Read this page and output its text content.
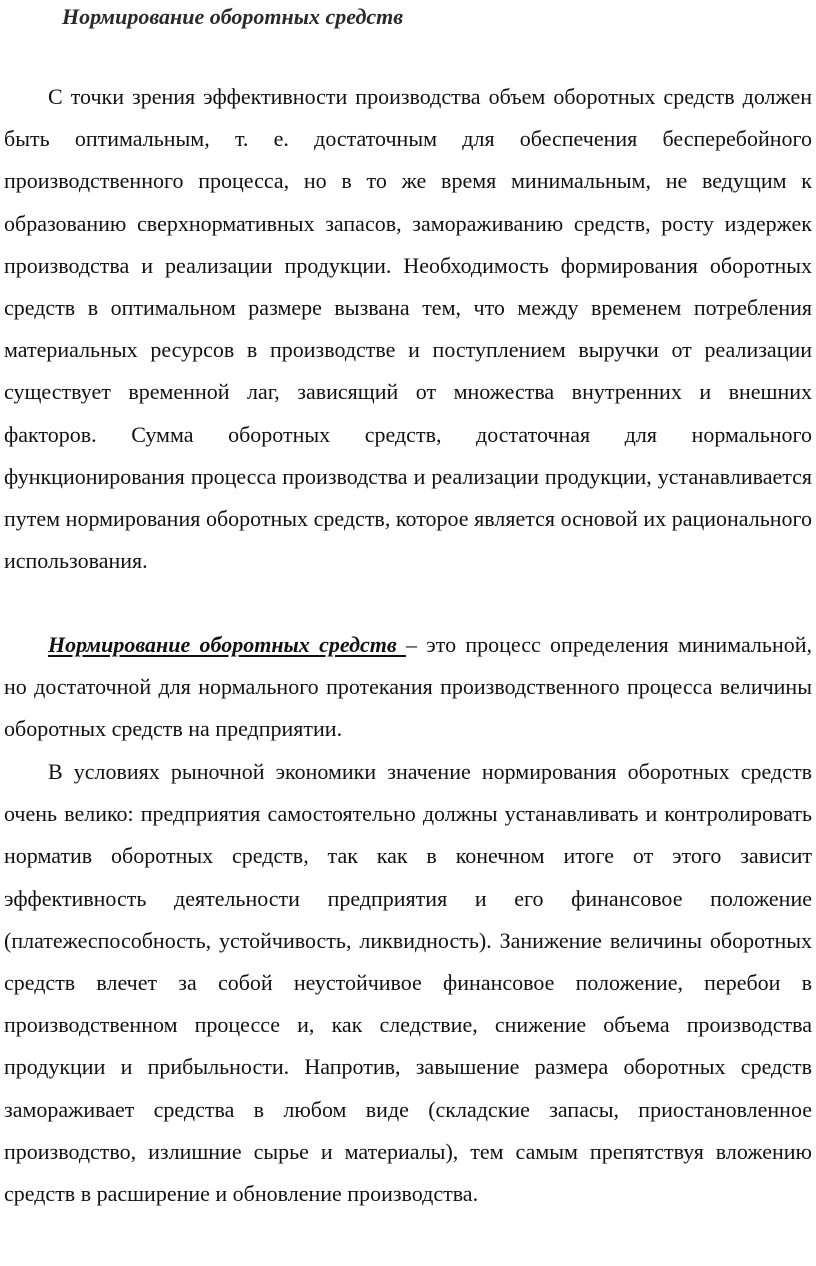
Нормирование оборотных средств

С точки зрения эффективности производства объем оборотных средств должен быть оптимальным, т. е. достаточным для обеспечения бесперебойного производственного процесса, но в то же время минимальным, не ведущим к образованию сверхнормативных запасов, замораживанию средств, росту издержек производства и реализации продукции. Необходимость формирования оборотных средств в оптимальном размере вызвана тем, что между временем потребления материальных ресурсов в производстве и поступлением выручки от реализации существует временной лаг, зависящий от множества внутренних и внешних факторов. Сумма оборотных средств, достаточная для нормального функционирования процесса производства и реализации продукции, устанавливается путем нормирования оборотных средств, которое является основой их рационального использования.

Нормирование оборотных средств – это процесс определения минимальной, но достаточной для нормального протекания производственного процесса величины оборотных средств на предприятии.

В условиях рыночной экономики значение нормирования оборотных средств очень велико: предприятия самостоятельно должны устанавливать и контролировать норматив оборотных средств, так как в конечном итоге от этого зависит эффективность деятельности предприятия и его финансовое положение (платежеспособность, устойчивость, ликвидность). Занижение величины оборотных средств влечет за собой неустойчивое финансовое положение, перебои в производственном процессе и, как следствие, снижение объема производства продукции и прибыльности. Напротив, завышение размера оборотных средств замораживает средства в любом виде (складские запасы, приостановленное производство, излишние сырье и материалы), тем самым препятствуя вложению средств в расширение и обновление производства.
